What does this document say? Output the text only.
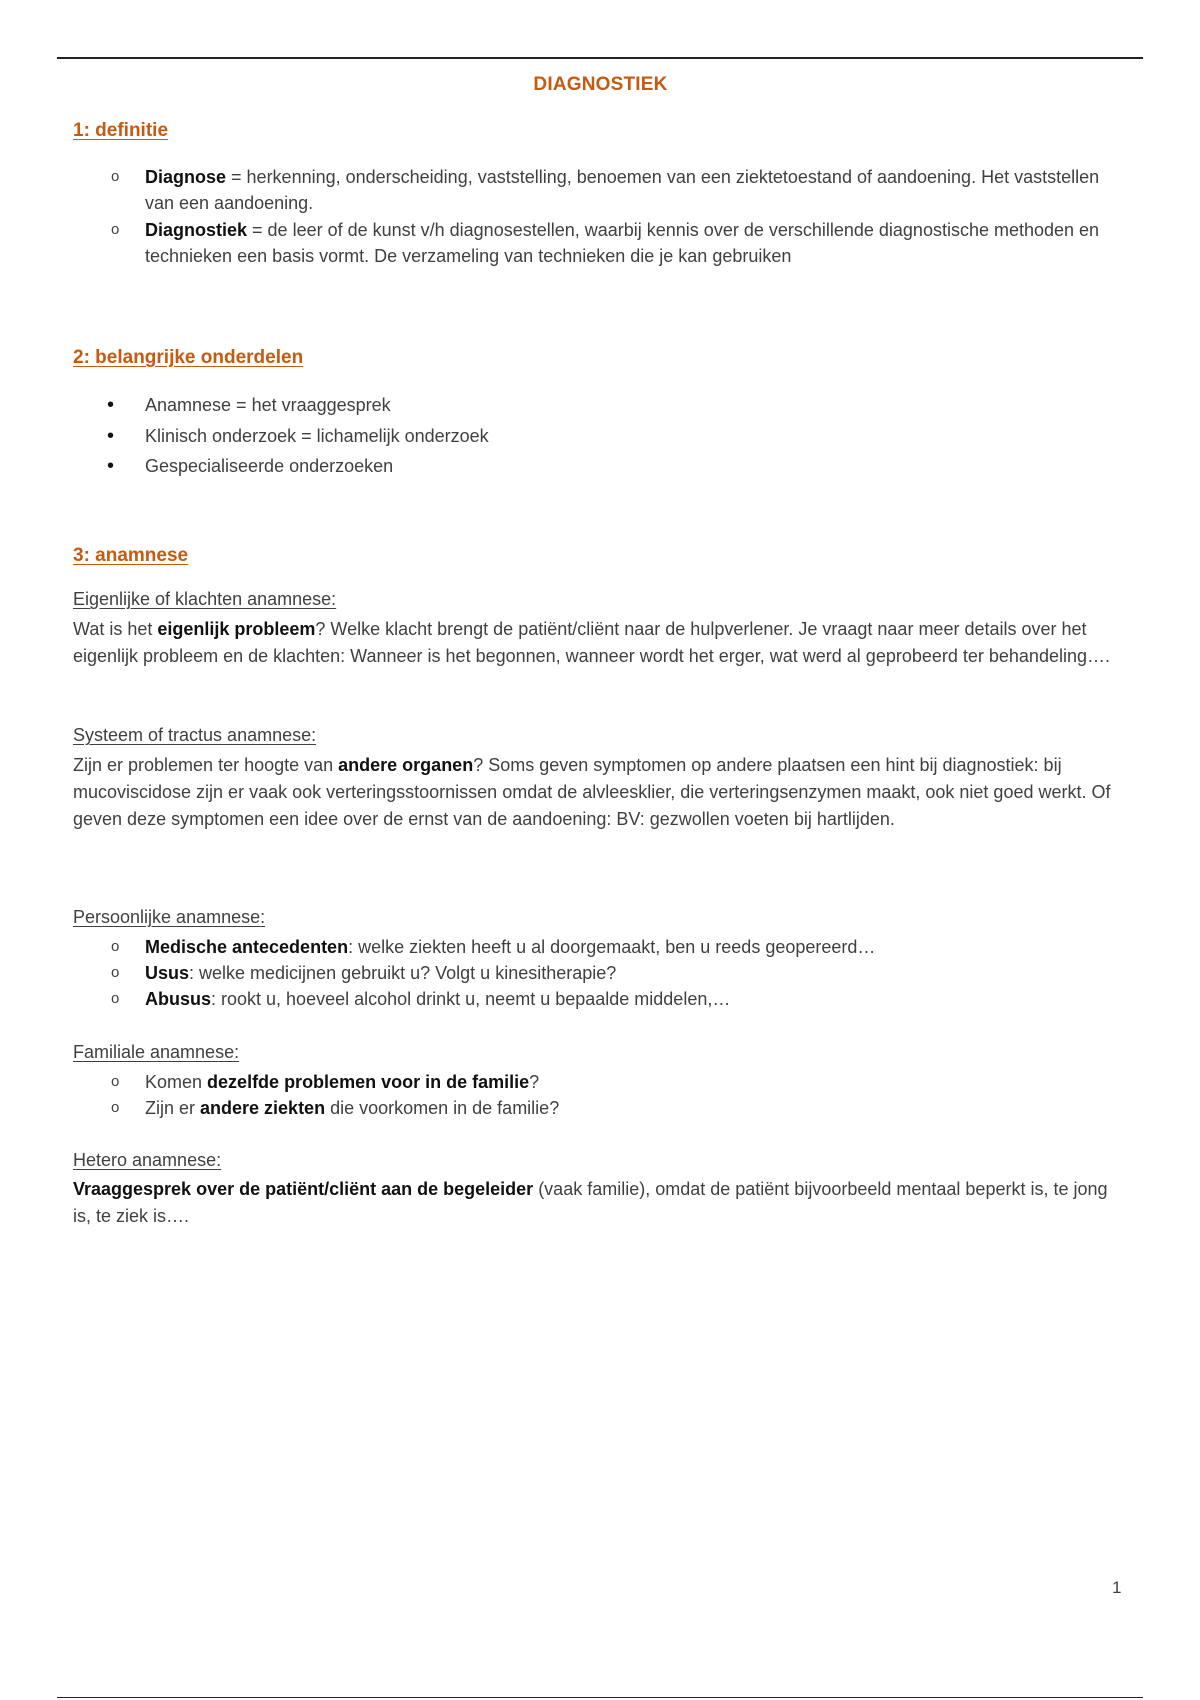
DIAGNOSTIEK
1: definitie
o Diagnose = herkenning, onderscheiding, vaststelling, benoemen van een ziektetoestand of aandoening. Het vaststellen van een aandoening.
o Diagnostiek = de leer of de kunst v/h diagnosestellen, waarbij kennis over de verschillende diagnostische methoden en technieken een basis vormt. De verzameling van technieken die je kan gebruiken
2: belangrijke onderdelen
• Anamnese = het vraaggesprek
• Klinisch onderzoek = lichamelijk onderzoek
• Gespecialiseerde onderzoeken
3: anamnese
Eigenlijke of klachten anamnese:

Wat is het eigenlijk probleem? Welke klacht brengt de patiënt/cliënt naar de hulpverlener. Je vraagt naar meer details over het eigenlijk probleem en de klachten: Wanneer is het begonnen, wanneer wordt het erger, wat werd al geprobeerd ter behandeling….

Systeem of tractus anamnese:

Zijn er problemen ter hoogte van andere organen? Soms geven symptomen op andere plaatsen een hint bij diagnostiek: bij mucoviscidose zijn er vaak ook verteringsstoornissen omdat de alvleesklier, die verteringsenzymen maakt, ook niet goed werkt. Of geven deze symptomen een idee over de ernst van de aandoening: BV: gezwollen voeten bij hartlijden.

Persoonlijke anamnese:
o Medische antecedenten: welke ziekten heeft u al doorgemaakt, ben u reeds geopereerd…
o Usus: welke medicijnen gebruikt u? Volgt u kinesitherapie?
o Abusus: rookt u, hoeveel alcohol drinkt u, neemt u bepaalde middelen,…
Familiale anamnese:
o Komen dezelfde problemen voor in de familie?
o Zijn er andere ziekten die voorkomen in de familie?
Hetero anamnese:

Vraaggesprek over de patiënt/cliënt aan de begeleider (vaak familie), omdat de patiënt bijvoorbeeld mentaal beperkt is, te jong is, te ziek is….

1
